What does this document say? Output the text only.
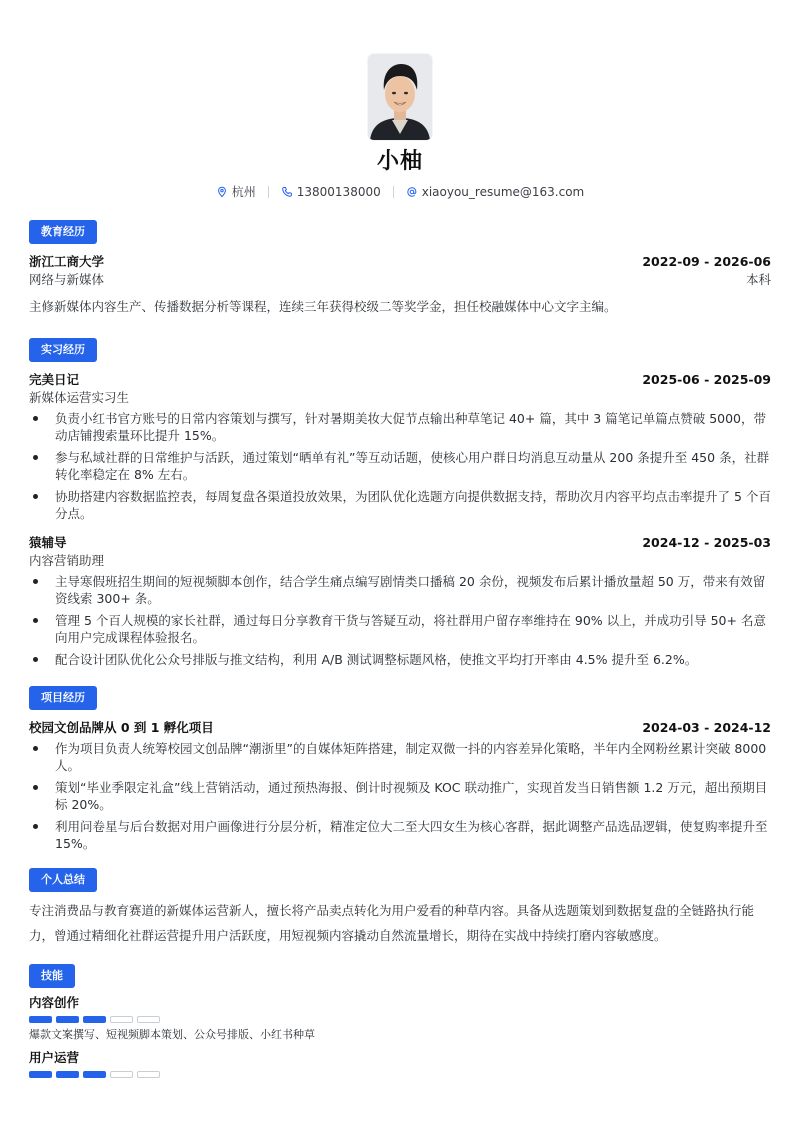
小柚
杭州	13800138000	xiaoyou_resume@163.com
教育经历
浙江工商大学	2022-09 - 2026-06
网络与新媒体	本科
主修新媒体内容生产、传播数据分析等课程，连续三年获得校级二等奖学金，担任校融媒体中心文字主编。
实习经历
完美日记	2025-06 - 2025-09
新媒体运营实习生
负责小红书官方账号的日常内容策划与撰写，针对暑期美妆大促节点输出种草笔记 40+ 篇，其中 3 篇笔记单篇点赞破 5000，带动店铺搜索量环比提升 15%。
参与私域社群的日常维护与活跃，通过策划“晒单有礼”等互动话题，使核心用户群日均消息互动量从 200 条提升至 450 条，社群转化率稳定在 8% 左右。
协助搭建内容数据监控表，每周复盘各渠道投放效果，为团队优化选题方向提供数据支持，帮助次月内容平均点击率提升了 5 个百分点。
猿辅导	2024-12 - 2025-03
内容营销助理
主导寒假班招生期间的短视频脚本创作，结合学生痛点编写剧情类口播稿 20 余份，视频发布后累计播放量超 50 万，带来有效留资线索 300+ 条。
管理 5 个百人规模的家长社群，通过每日分享教育干货与答疑互动，将社群用户留存率维持在 90% 以上，并成功引导 50+ 名意向用户完成课程体验报名。
配合设计团队优化公众号排版与推文结构，利用 A/B 测试调整标题风格，使推文平均打开率由 4.5% 提升至 6.2%。
项目经历
校园文创品牌从 0 到 1 孵化项目	2024-03 - 2024-12
作为项目负责人统筹校园文创品牌“潮浙里”的自媒体矩阵搭建，制定双微一抖的内容差异化策略，半年内全网粉丝累计突破 8000 人。
策划“毕业季限定礼盒”线上营销活动，通过预热海报、倒计时视频及 KOC 联动推广，实现首发当日销售额 1.2 万元，超出预期目标 20%。
利用问卷星与后台数据对用户画像进行分层分析，精准定位大二至大四女生为核心客群，据此调整产品选品逻辑，使复购率提升至 15%。
个人总结
专注消费品与教育赛道的新媒体运营新人，擅长将产品卖点转化为用户爱看的种草内容。具备从选题策划到数据复盘的全链路执行能力，曾通过精细化社群运营提升用户活跃度，用短视频内容撬动自然流量增长，期待在实战中持续打磨内容敏感度。
技能
内容创作
爆款文案撰写、短视频脚本策划、公众号排版、小红书种草
用户运营
